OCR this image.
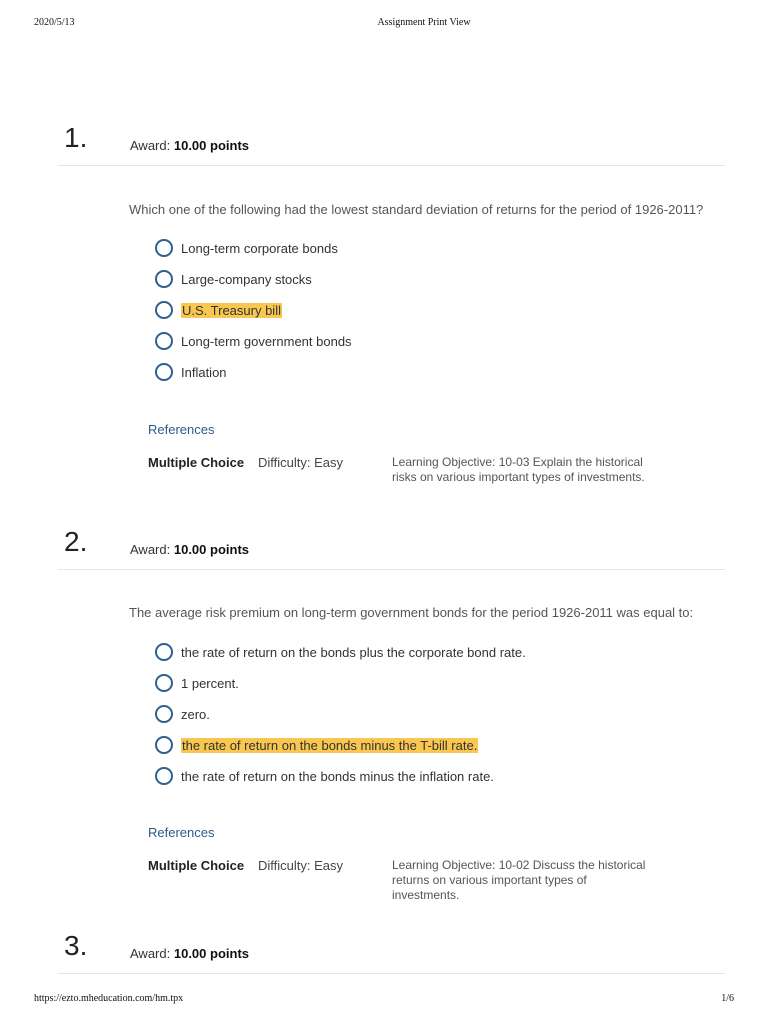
2020/5/13	Assignment Print View
1.	Award: 10.00 points
Which one of the following had the lowest standard deviation of returns for the period of 1926-2011?
Long-term corporate bonds
Large-company stocks
U.S. Treasury bill
Long-term government bonds
Inflation
References
Multiple Choice Difficulty: Easy	Learning Objective: 10-03 Explain the historical risks on various important types of investments.
2.	Award: 10.00 points
The average risk premium on long-term government bonds for the period 1926-2011 was equal to:
the rate of return on the bonds plus the corporate bond rate.
1 percent.
zero.
the rate of return on the bonds minus the T-bill rate.
the rate of return on the bonds minus the inflation rate.
References
Multiple Choice Difficulty: Easy	Learning Objective: 10-02 Discuss the historical returns on various important types of investments.
3.	Award: 10.00 points
https://ezto.mheducation.com/hm.tpx	1/6
